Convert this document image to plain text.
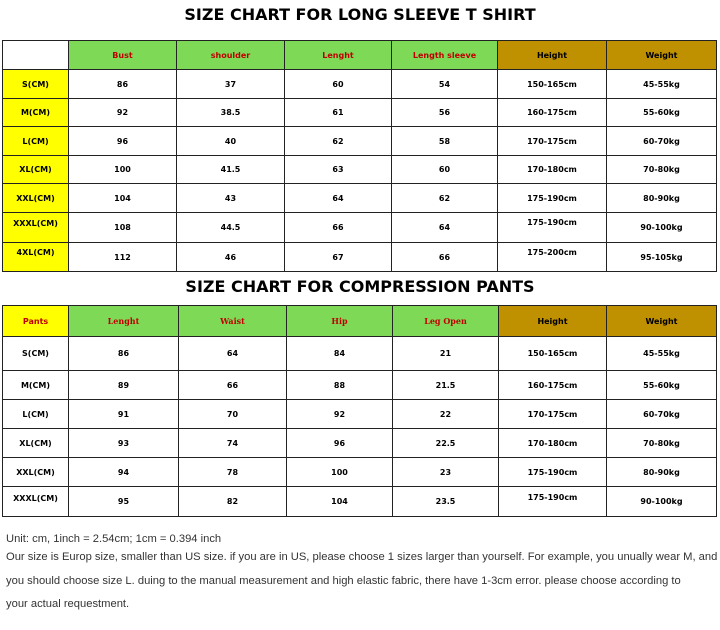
SIZE CHART FOR LONG SLEEVE T SHIRT
	Bust	shoulder	Lenght	Length sleeve	Height	Weight
S(CM)	86	37	60	54	150-165cm	45-55kg
M(CM)	92	38.5	61	56	160-175cm	55-60kg
L(CM)	96	40	62	58	170-175cm	60-70kg
XL(CM)	100	41.5	63	60	170-180cm	70-80kg
XXL(CM)	104	43	64	62	175-190cm	80-90kg
XXXL(CM)	108	44.5	66	64	175-190cm	90-100kg
4XL(CM)	112	46	67	66	175-200cm	95-105kg
SIZE CHART FOR COMPRESSION PANTS
Pants	Lenght	Waist	Hip	Leg Open	Height	Weight
S(CM)	86	64	84	21	150-165cm	45-55kg
M(CM)	89	66	88	21.5	160-175cm	55-60kg
L(CM)	91	70	92	22	170-175cm	60-70kg
XL(CM)	93	74	96	22.5	170-180cm	70-80kg
XXL(CM)	94	78	100	23	175-190cm	80-90kg
XXXL(CM)	95	82	104	23.5	175-190cm	90-100kg
Unit: cm, 1inch = 2.54cm; 1cm = 0.394 inch
Our size is Europ size, smaller than US size. if you are in US, please choose 1 sizes larger than yourself. For example, you unually wear M, and
you should choose size L. duing to the manual measurement and high elastic fabric, there have 1-3cm error. please choose according to
your actual requestment.
